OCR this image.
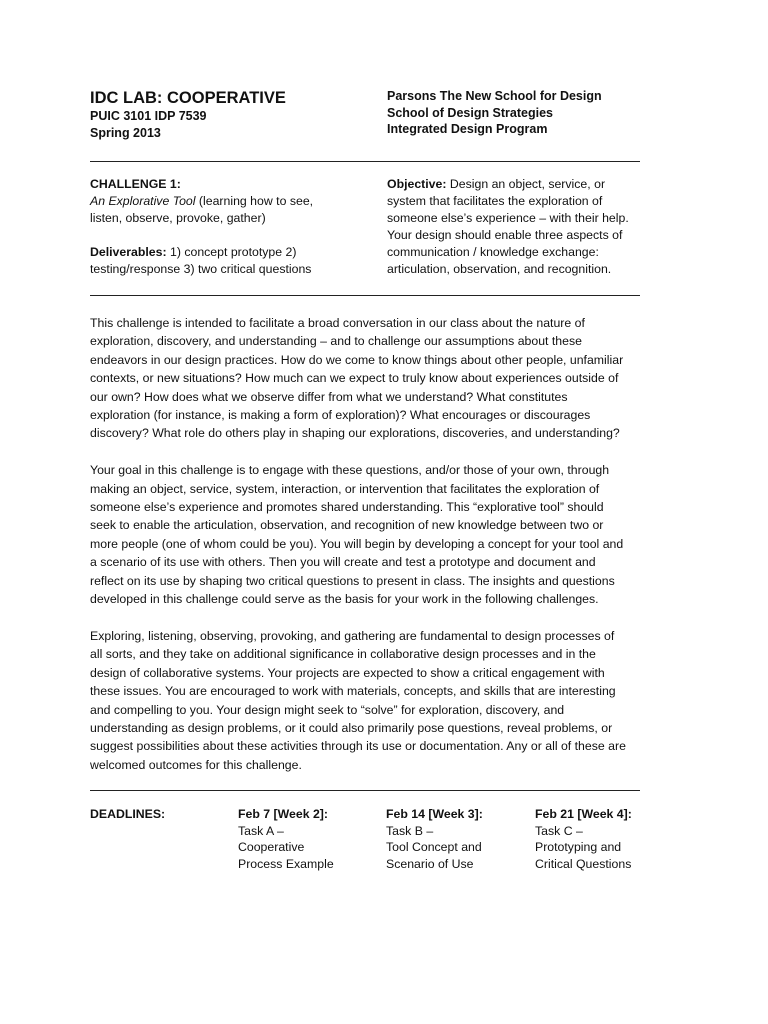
IDC LAB: COOPERATIVE
PUIC 3101 IDP 7539
Spring 2013
Parsons The New School for Design
School of Design Strategies
Integrated Design Program
CHALLENGE 1:
An Explorative Tool (learning how to see,
listen, observe, provoke, gather)
Deliverables: 1) concept prototype 2)
testing/response 3) two critical questions
Objective: Design an object, service, or
system that facilitates the exploration of
someone else’s experience – with their help.
Your design should enable three aspects of
communication / knowledge exchange:
articulation, observation, and recognition.

This challenge is intended to facilitate a broad conversation in our class about the nature of
exploration, discovery, and understanding – and to challenge our assumptions about these
endeavors in our design practices. How do we come to know things about other people, unfamiliar
contexts, or new situations? How much can we expect to truly know about experiences outside of
our own? How does what we observe differ from what we understand? What constitutes
exploration (for instance, is making a form of exploration)? What encourages or discourages
discovery? What role do others play in shaping our explorations, discoveries, and understanding?

Your goal in this challenge is to engage with these questions, and/or those of your own, through
making an object, service, system, interaction, or intervention that facilitates the exploration of
someone else’s experience and promotes shared understanding. This “explorative tool” should
seek to enable the articulation, observation, and recognition of new knowledge between two or
more people (one of whom could be you). You will begin by developing a concept for your tool and
a scenario of its use with others. Then you will create and test a prototype and document and
reflect on its use by shaping two critical questions to present in class. The insights and questions
developed in this challenge could serve as the basis for your work in the following challenges.

Exploring, listening, observing, provoking, and gathering are fundamental to design processes of
all sorts, and they take on additional significance in collaborative design processes and in the
design of collaborative systems. Your projects are expected to show a critical engagement with
these issues. You are encouraged to work with materials, concepts, and skills that are interesting
and compelling to you. Your design might seek to “solve” for exploration, discovery, and
understanding as design problems, or it could also primarily pose questions, reveal problems, or
suggest possibilities about these activities through its use or documentation. Any or all of these are
welcomed outcomes for this challenge.

DEADLINES:	Feb 7 [Week 2]:
Task A –
Cooperative
Process Example
Feb 14 [Week 3]:
Task B –
Tool Concept and
Scenario of Use
Feb 21 [Week 4]:
Task C –
Prototyping and
Critical Questions
